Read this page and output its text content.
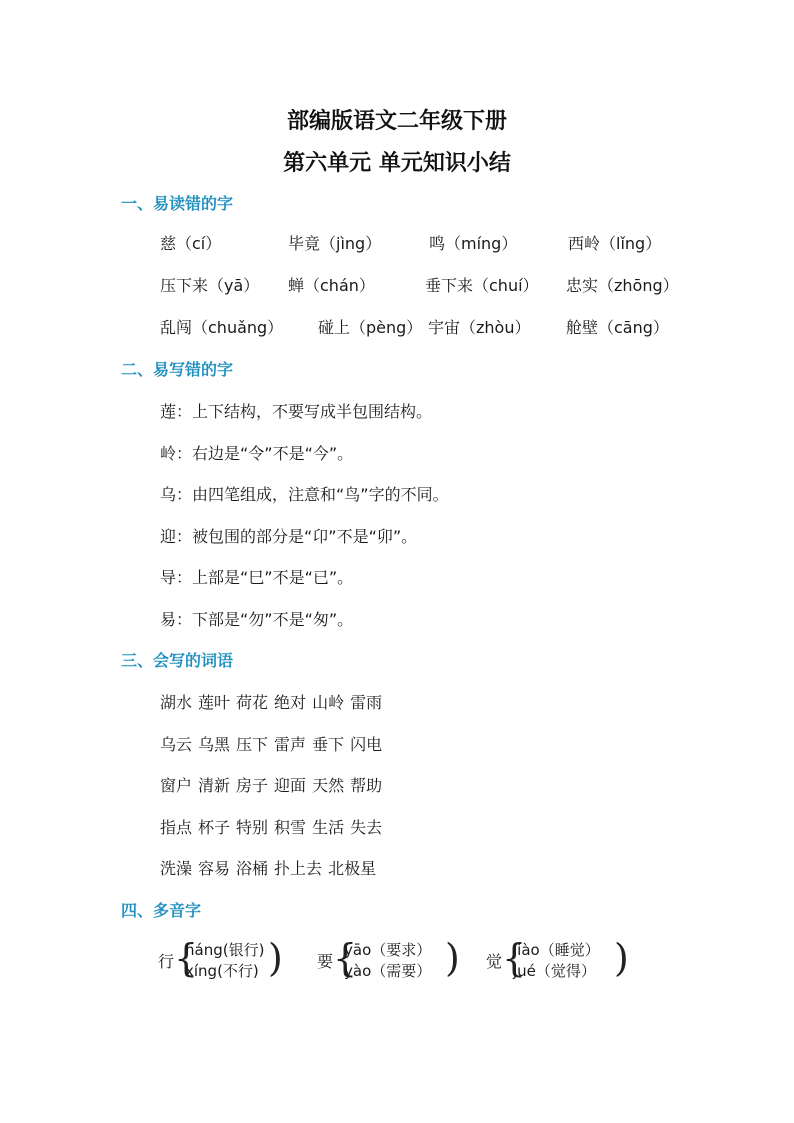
部编版语文二年级下册
第六单元 单元知识小结
一、易读错的字
慈（cí）	毕竟（jìng）	鸣（míng）	西岭（lǐng）
压下来（yā） 蝉（chán）	垂下来（chuí） 忠实（zhōng）
乱闯（chuǎng） 碰上（pèng） 宇宙（zhòu） 舱壁（cāng）
二、易写错的字
莲：上下结构，不要写成半包围结构。
岭：右边是“令”不是“今”。
乌：由四笔组成，注意和“鸟”字的不同。
迎：被包围的部分是“卬”不是“卯”。
导：上部是“巳”不是“已”。
易：下部是“勿”不是“匆”。
三、会写的词语
湖水 莲叶 荷花 绝对 山岭 雷雨
乌云 乌黑 压下 雷声 垂下 闪电
窗户 清新 房子 迎面 天然 帮助
指点 杯子 特别 积雪 生活 失去
洗澡 容易 浴桶 扑上去 北极星
四、多音字
行 {
háng(银行)
xíng(不行) ) 要 {
yāo（要求）
yào（需要） ) 觉 {
jiào（睡觉）
jué（觉得） )
